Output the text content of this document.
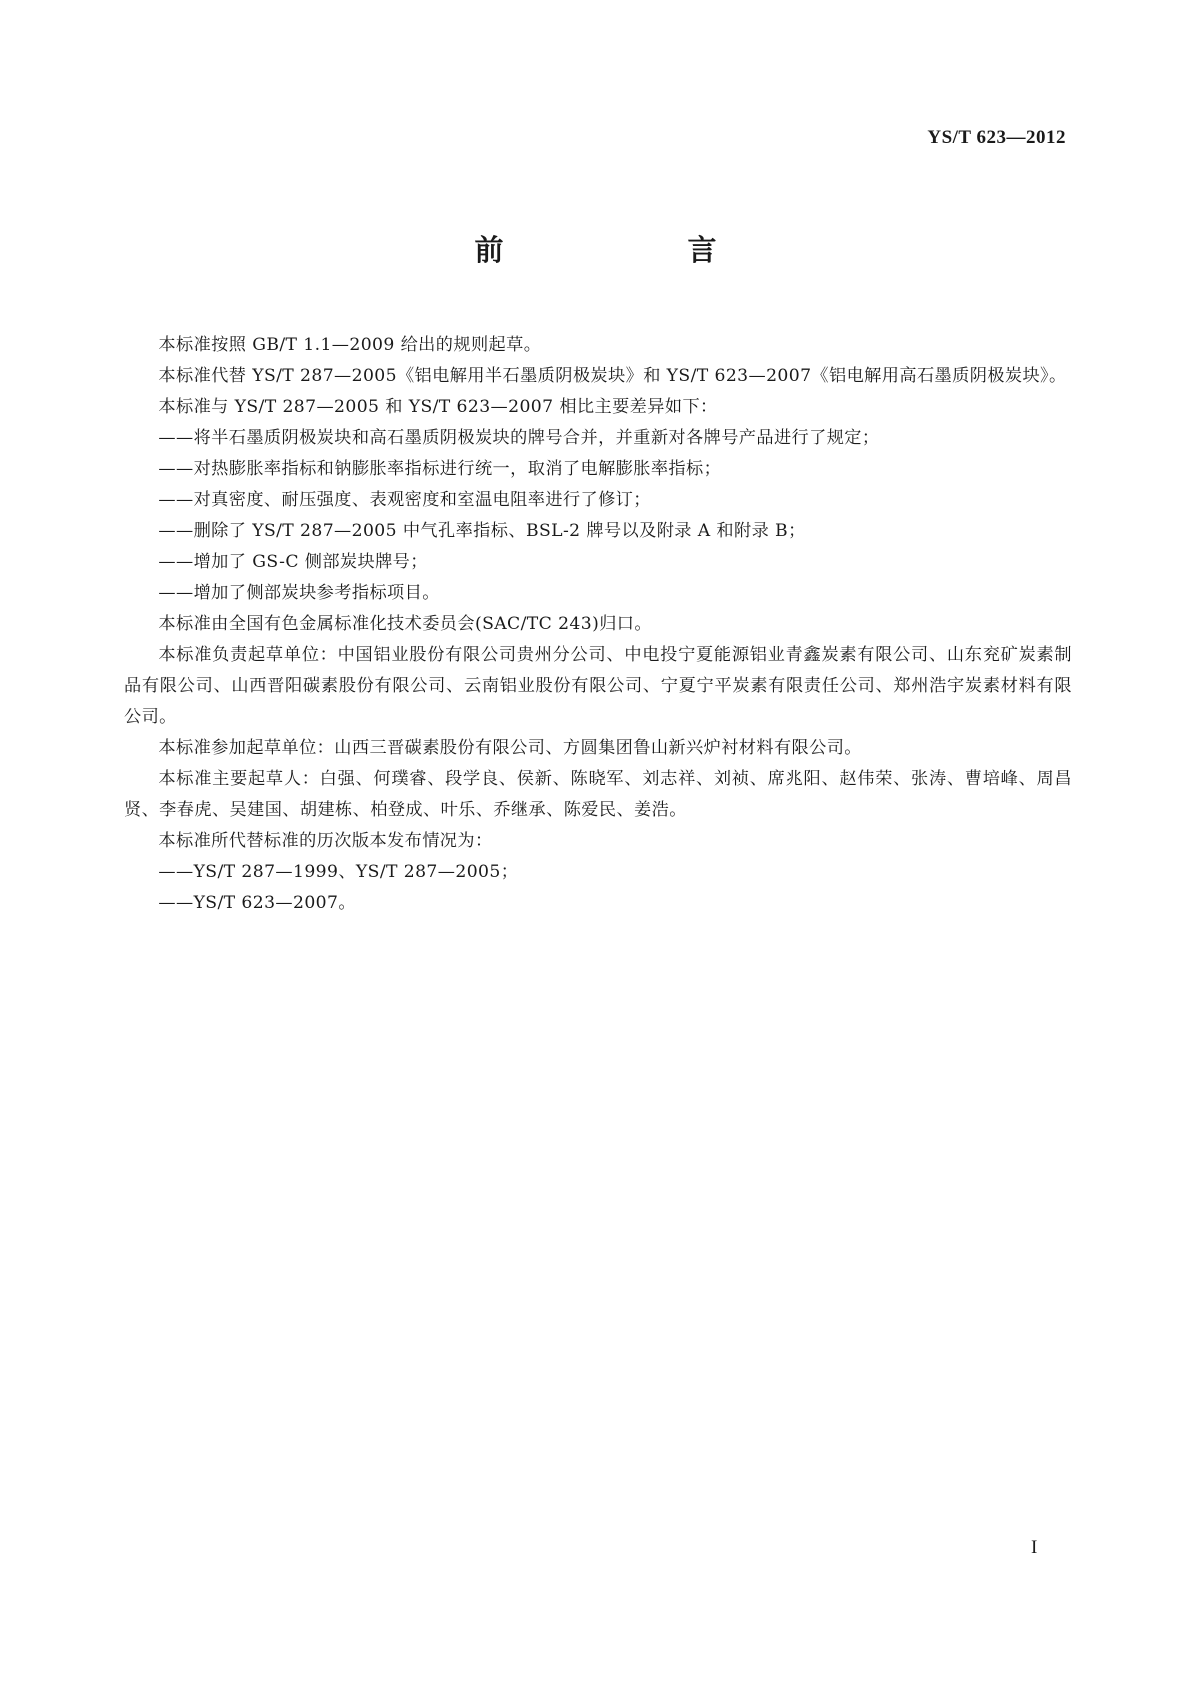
YS/T 623—2012
前　　言

本标准按照 GB/T 1.1—2009 给出的规则起草。

本标准代替 YS/T 287—2005《铝电解用半石墨质阴极炭块》和 YS/T 623—2007《铝电解用高石墨质阴极炭块》。

本标准与 YS/T 287—2005 和 YS/T 623—2007 相比主要差异如下：

——将半石墨质阴极炭块和高石墨质阴极炭块的牌号合并，并重新对各牌号产品进行了规定；

——对热膨胀率指标和钠膨胀率指标进行统一，取消了电解膨胀率指标；

——对真密度、耐压强度、表观密度和室温电阻率进行了修订；

——删除了 YS/T 287—2005 中气孔率指标、BSL-2 牌号以及附录 A 和附录 B；

——增加了 GS-C 侧部炭块牌号；

——增加了侧部炭块参考指标项目。

本标准由全国有色金属标准化技术委员会(SAC/TC 243)归口。

本标准负责起草单位：中国铝业股份有限公司贵州分公司、中电投宁夏能源铝业青鑫炭素有限公司、山东兖矿炭素制品有限公司、山西晋阳碳素股份有限公司、云南铝业股份有限公司、宁夏宁平炭素有限责任公司、郑州浩宇炭素材料有限公司。

本标准参加起草单位：山西三晋碳素股份有限公司、方圆集团鲁山新兴炉衬材料有限公司。

本标准主要起草人：白强、何璞睿、段学良、侯新、陈晓军、刘志祥、刘祯、席兆阳、赵伟荣、张涛、曹培峰、周昌贤、李春虎、吴建国、胡建栋、柏登成、叶乐、乔继承、陈爱民、姜浩。

本标准所代替标准的历次版本发布情况为：

——YS/T 287—1999、YS/T 287—2005；

——YS/T 623—2007。

I
